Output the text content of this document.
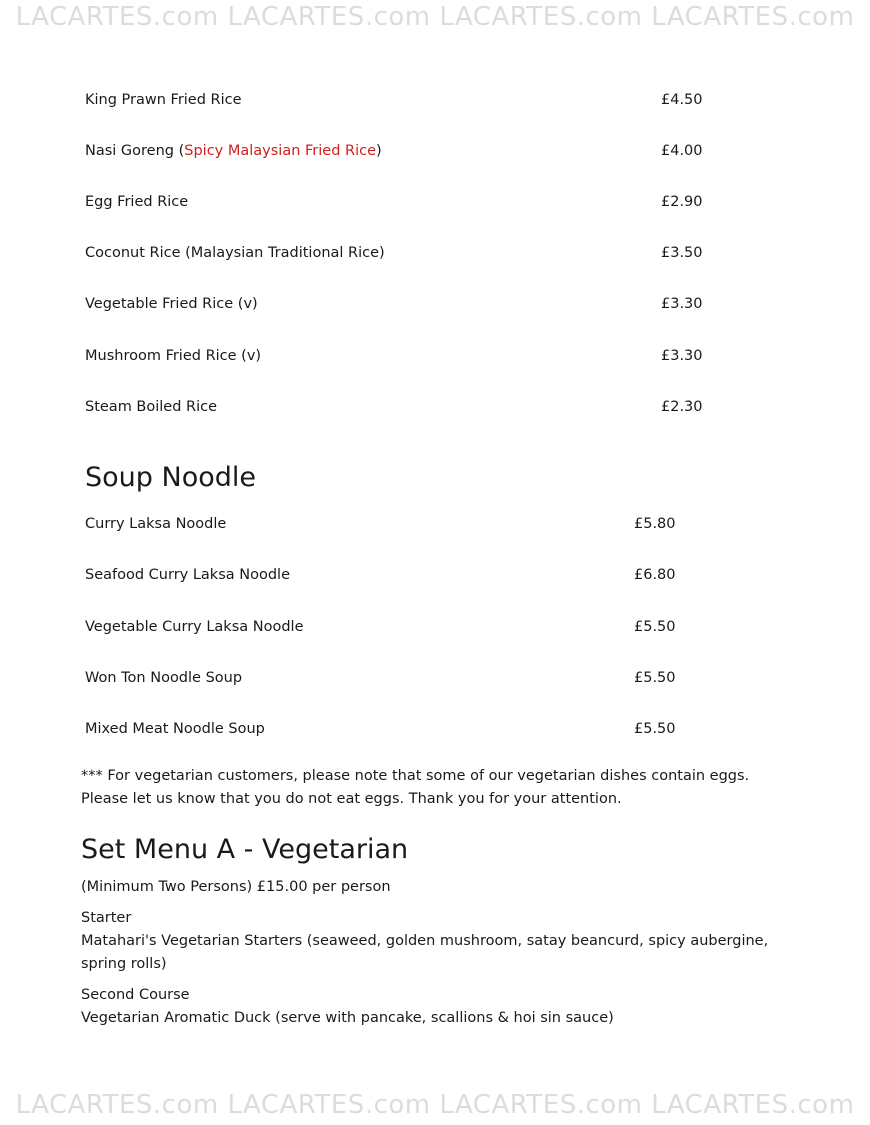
LACARTES.com LACARTES.com LACARTES.com LACARTES.com
King Prawn Fried Rice	£4.50
Nasi Goreng (Spicy Malaysian Fried Rice)	£4.00
Egg Fried Rice	£2.90
Coconut Rice (Malaysian Traditional Rice)	£3.50
Vegetable Fried Rice (v)	£3.30
Mushroom Fried Rice (v)	£3.30
Steam Boiled Rice	£2.30
Soup Noodle
Curry Laksa Noodle	£5.80
Seafood Curry Laksa Noodle	£6.80
Vegetable Curry Laksa Noodle	£5.50
Won Ton Noodle Soup	£5.50
Mixed Meat Noodle Soup	£5.50
*** For vegetarian customers, please note that some of our vegetarian dishes contain eggs.
Please let us know that you do not eat eggs. Thank you for your attention.
Set Menu A - Vegetarian
(Minimum Two Persons) £15.00 per person
Starter
Matahari's Vegetarian Starters (seaweed, golden mushroom, satay beancurd, spicy aubergine,
spring rolls)
Second Course
Vegetarian Aromatic Duck (serve with pancake, scallions & hoi sin sauce)
LACARTES.com LACARTES.com LACARTES.com LACARTES.com
